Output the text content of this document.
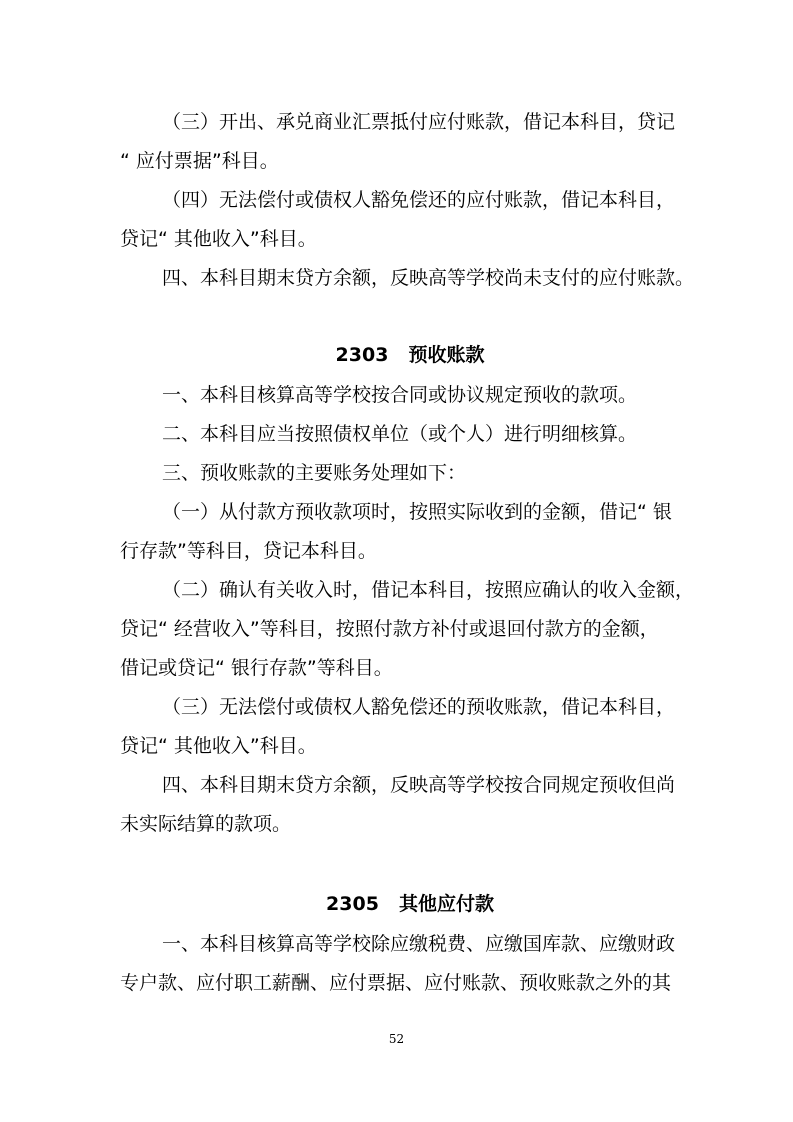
（三）开出、承兑商业汇票抵付应付账款，借记本科目，贷记
“ 应付票据”科目。
（四）无法偿付或债权人豁免偿还的应付账款，借记本科目，
贷记“ 其他收入”科目。
四、本科目期末贷方余额，反映高等学校尚未支付的应付账款。
2303 预收账款
一、本科目核算高等学校按合同或协议规定预收的款项。
二、本科目应当按照债权单位（或个人）进行明细核算。
三、预收账款的主要账务处理如下：
（一）从付款方预收款项时，按照实际收到的金额，借记“ 银
行存款”等科目，贷记本科目。
（二）确认有关收入时，借记本科目，按照应确认的收入金额，
贷记“ 经营收入”等科目，按照付款方补付或退回付款方的金额，
借记或贷记“ 银行存款”等科目。
（三）无法偿付或债权人豁免偿还的预收账款，借记本科目，
贷记“ 其他收入”科目。
四、本科目期末贷方余额，反映高等学校按合同规定预收但尚
未实际结算的款项。
2305 其他应付款
一、本科目核算高等学校除应缴税费、应缴国库款、应缴财政
专户款、应付职工薪酬、应付票据、应付账款、预收账款之外的其
52
